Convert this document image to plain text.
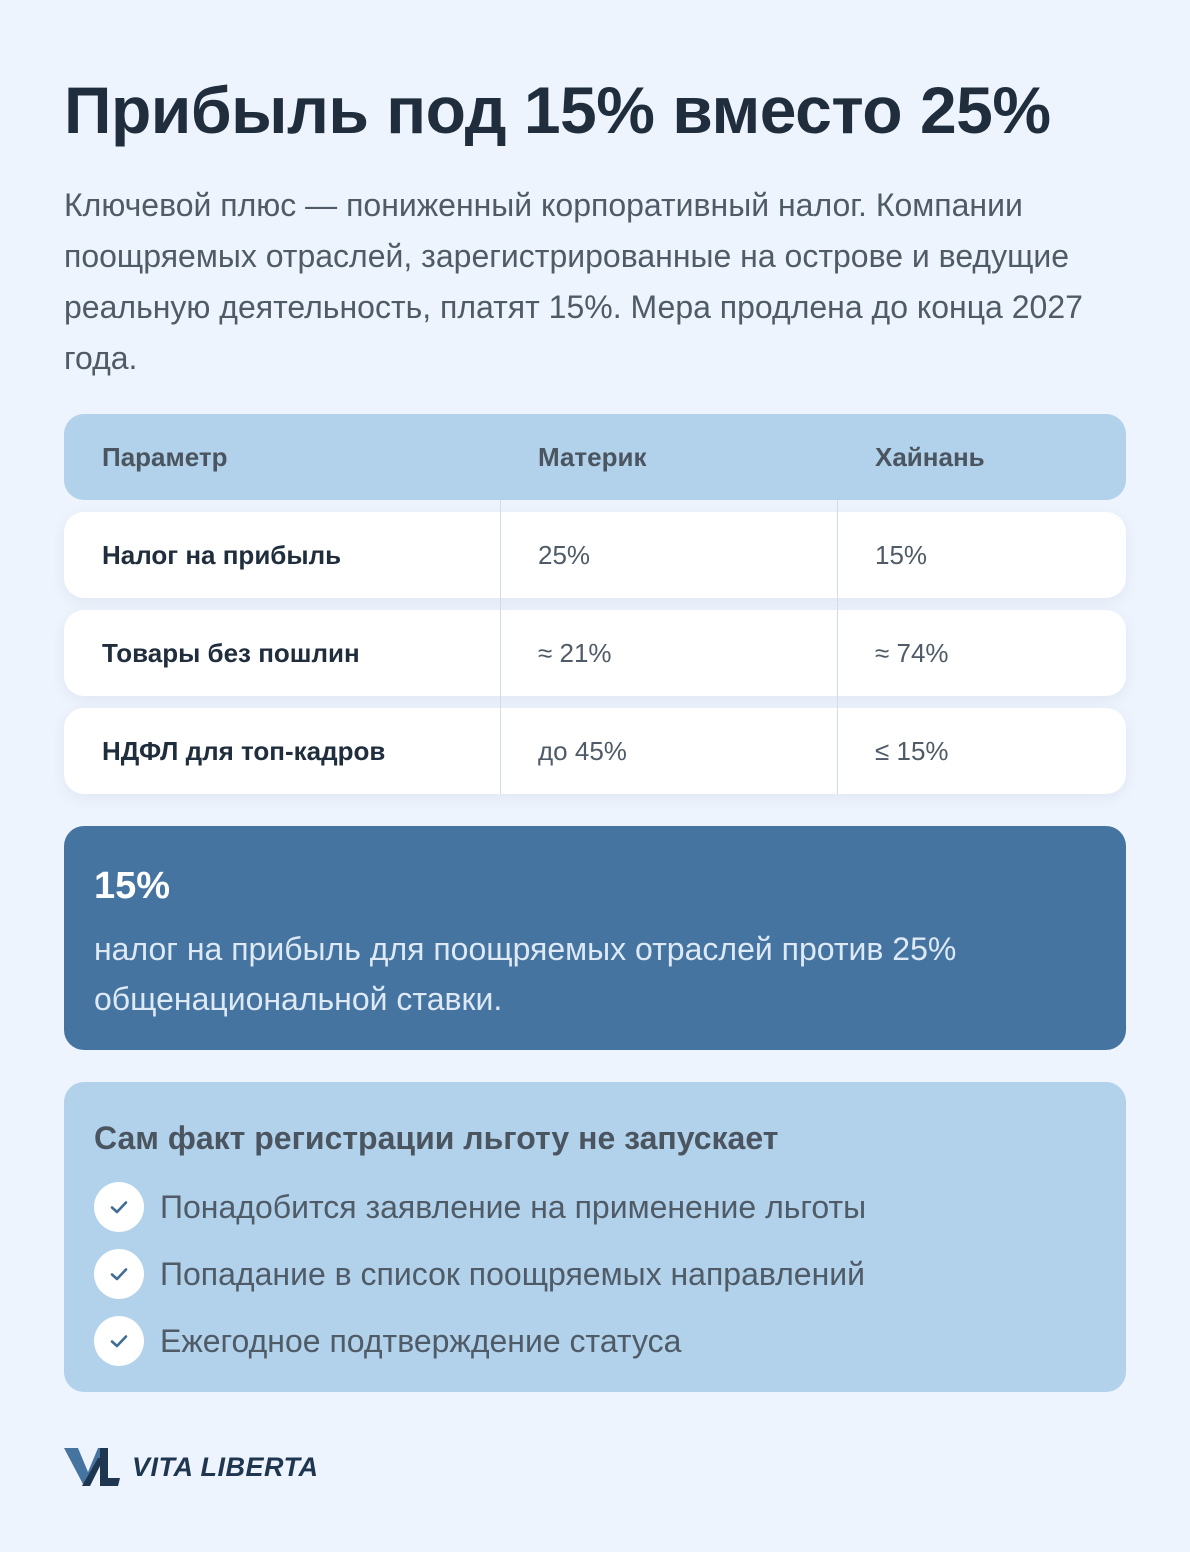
Прибыль под 15% вместо 25%

Ключевой плюс — пониженный корпоративный налог. Компании поощряемых отраслей, зарегистрированные на острове и ведущие реальную деятельность, платят 15%. Мера продлена до конца 2027 года.

Параметр	Материк	Хайнань
Налог на прибыль	25%	15%
Товары без пошлин	≈ 21%	≈ 74%
НДФЛ для топ-кадров	до 45%	≤ 15%

15%

налог на прибыль для поощряемых отраслей против 25% общенациональной ставки.

Сам факт регистрации льготу не запускает
Понадобится заявление на применение льготы
Попадание в список поощряемых направлений
Ежегодное подтверждение статуса
VITA LIBERTA
